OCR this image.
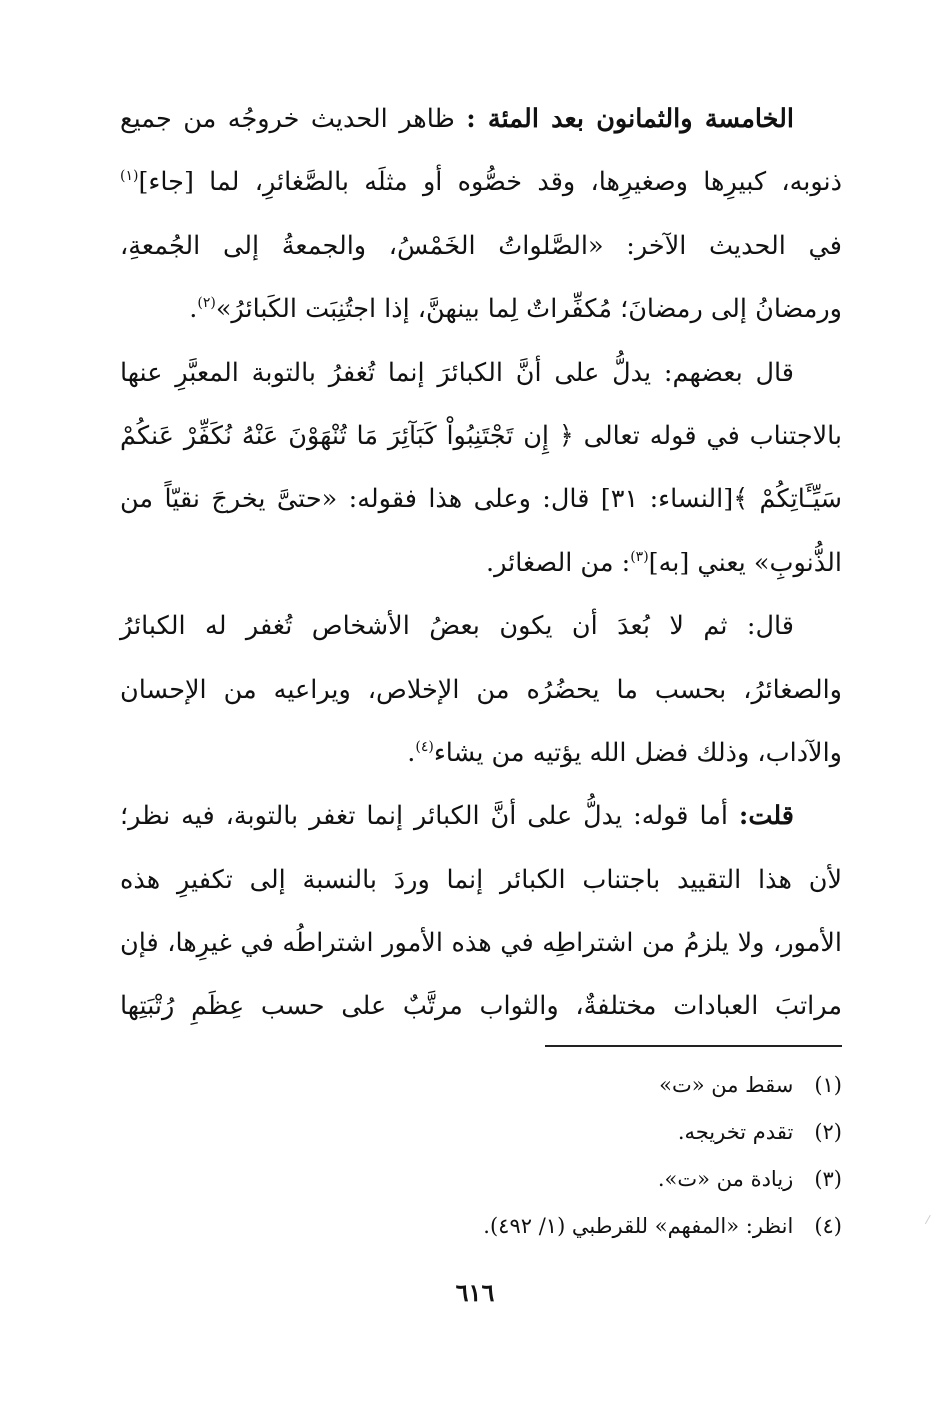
الخامسة والثمانون بعد المئة : ظاهر الحديث خروجُه من جميع
ذنوبه، كبيرِها وصغيرِها، وقد خصُّوه أو مثلَه بالصَّغائرِ، لما [جاء]$^{(١)}$
في الحديث الآخر: «الصَّلواتُ الخَمْسُ، والجمعةُ إلى الجُمعةِ،
ورمضانُ إلى رمضانَ؛ مُكفِّراتٌ لِما بينهنَّ، إذا اجتُنِبَت الكَبائرُ»$^{(٢)}$.
قال بعضهم: يدلُّ على أنَّ الكبائرَ إنما تُغفرُ بالتوبة المعبَّرِ عنها
بالاجتناب في قوله تعالى ﴿ إِن تَجْتَنِبُواْ كَبَآئِرَ مَا تُنْهَوْنَ عَنْهُ نُكَفِّرْ عَنكُمْ
سَيِّـَٔاتِكُمْ ﴾[النساء: ٣١] قال: وعلى هذا فقوله: «حتىَّ يخرجَ نقيّاً من
الذُّنوبِ» يعني [به]$^{(٣)}$: من الصغائر.
قال: ثم لا بُعدَ أن يكون بعضُ الأشخاص تُغفر له الكبائرُ
والصغائرُ، بحسب ما يحضُرُه من الإخلاص، ويراعيه من الإحسان
والآداب، وذلك فضل الله يؤتيه من يشاء$^{(٤)}$.
قلت: أما قوله: يدلُّ على أنَّ الكبائر إنما تغفر بالتوبة، فيه نظر؛
لأن هذا التقييد باجتناب الكبائر إنما وردَ بالنسبة إلى تكفيرِ هذه
الأمور، ولا يلزمُ من اشتراطِه في هذه الأمور اشتراطُه في غيرِها، فإن
مراتبَ العبادات مختلفةٌ، والثواب مرتَّبٌ على حسب عِظَمِ رُتْبَتِها
(١) سقط من «ت»
(٢) تقدم تخريجه.
(٣) زيادة من «ت».
(٤) انظر: «المفهم» للقرطبي (١/ ٤٩٢).
٦١٦
